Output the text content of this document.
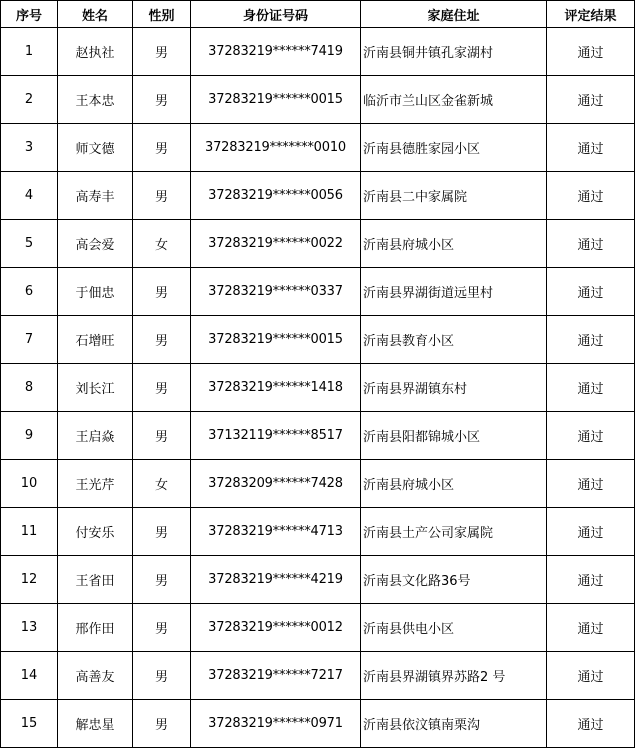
序号	姓名	性别	身份证号码	家庭住址	评定结果
1	赵执社	男	37283219******7419	沂南县铜井镇孔家湖村	通过
2	王本忠	男	37283219******0015	临沂市兰山区金雀新城	通过
3	师文德	男	37283219*******0010	沂南县德胜家园小区	通过
4	高寿丰	男	37283219******0056	沂南县二中家属院	通过
5	高会爱	女	37283219******0022	沂南县府城小区	通过
6	于佃忠	男	37283219******0337	沂南县界湖街道远里村	通过
7	石增旺	男	37283219******0015	沂南县教育小区	通过
8	刘长江	男	37283219******1418	沂南县界湖镇东村	通过
9	王启焱	男	37132119******8517	沂南县阳都锦城小区	通过
10	王光芹	女	37283209******7428	沂南县府城小区	通过
11	付安乐	男	37283219******4713	沂南县土产公司家属院	通过
12	王省田	男	37283219******4219	沂南县文化路36号	通过
13	邢作田	男	37283219******0012	沂南县供电小区	通过
14	高善友	男	37283219******7217	沂南县界湖镇界苏路2 号	通过
15	解忠星	男	37283219******0971	沂南县依汶镇南栗沟	通过
